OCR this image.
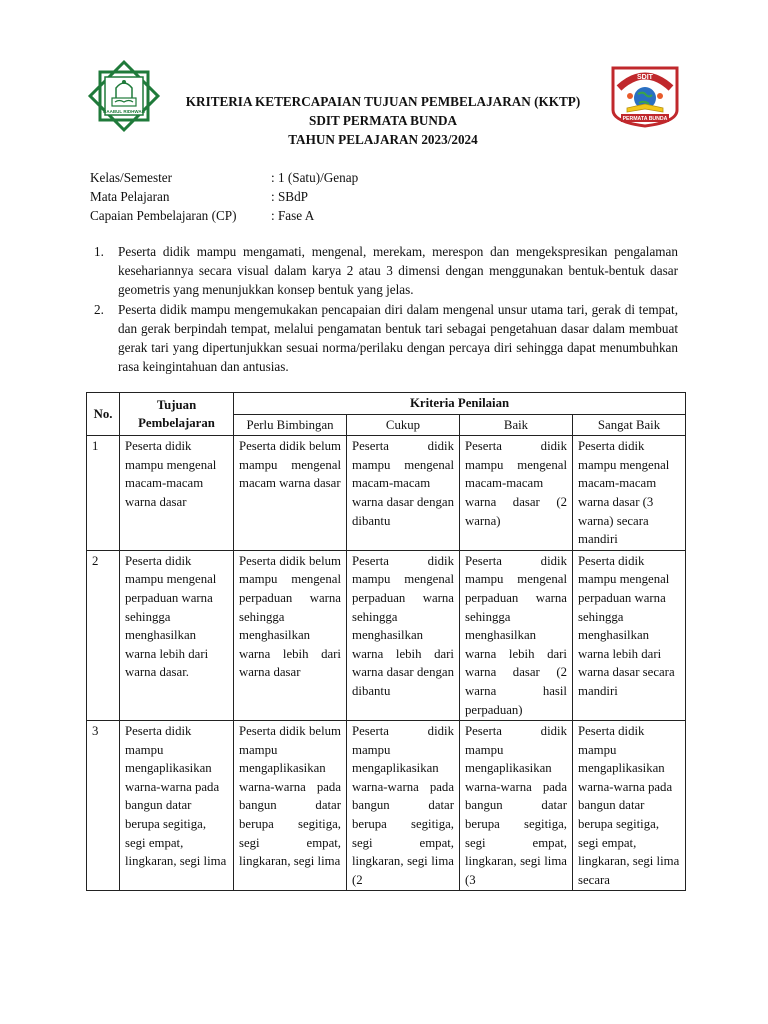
BAABUL RIDHWAN
SDIT
PERMATA BUNDA
KRITERIA KETERCAPAIAN TUJUAN PEMBELAJARAN (KKTP)
SDIT PERMATA BUNDA
TAHUN PELAJARAN 2023/2024
Kelas/Semester	: 1 (Satu)/Genap
Mata Pelajaran	: SBdP
Capaian Pembelajaran (CP)	: Fase A
1.	Peserta didik mampu mengamati, mengenal, merekam, merespon dan mengekspresikan pengalaman kesehariannya secara visual dalam karya 2 atau 3 dimensi dengan menggunakan bentuk-bentuk dasar geometris yang menunjukkan konsep bentuk yang jelas.
2.	Peserta didik mampu mengemukakan pencapaian diri dalam mengenal unsur utama tari, gerak di tempat, dan gerak berpindah tempat, melalui pengamatan bentuk tari sebagai pengetahuan dasar dalam membuat gerak tari yang dipertunjukkan sesuai norma/perilaku dengan percaya diri sehingga dapat menumbuhkan rasa keingintahuan dan antusias.
No.	Tujuan Pembelajaran	Kriteria Penilaian			
		Perlu Bimbingan	Cukup	Baik	Sangat Baik
1	Peserta didik mampu mengenal macam-macam warna dasar	Peserta didik belum mampu mengenal macam warna dasar	Peserta didik mampu mengenal macam-macam warna dasar dengan dibantu	Peserta didik mampu mengenal macam-macam warna dasar (2 warna)	Peserta didik mampu mengenal macam-macam warna dasar (3 warna) secara mandiri
2	Peserta didik mampu mengenal perpaduan warna sehingga menghasilkan warna lebih dari warna dasar.	Peserta didik belum mampu mengenal perpaduan warna sehingga menghasilkan warna lebih dari warna dasar	Peserta didik mampu mengenal perpaduan warna sehingga menghasilkan warna lebih dari warna dasar dengan dibantu	Peserta didik mampu mengenal perpaduan warna sehingga menghasilkan warna lebih dari warna dasar (2 warna hasil perpaduan)	Peserta didik mampu mengenal perpaduan warna sehingga menghasilkan warna lebih dari warna dasar secara mandiri
3	Peserta didik mampu mengaplikasikan warna-warna pada bangun datar berupa segitiga, segi empat, lingkaran, segi lima	Peserta didik belum mampu mengaplikasikan warna-warna pada bangun datar berupa segitiga, segi empat, lingkaran, segi lima	Peserta didik mampu mengaplikasikan warna-warna pada bangun datar berupa segitiga, segi empat, lingkaran, segi lima (2	Peserta didik mampu mengaplikasikan warna-warna pada bangun datar berupa segitiga, segi empat, lingkaran, segi lima (3	Peserta didik mampu mengaplikasikan warna-warna pada bangun datar berupa segitiga, segi empat, lingkaran, segi lima secara
